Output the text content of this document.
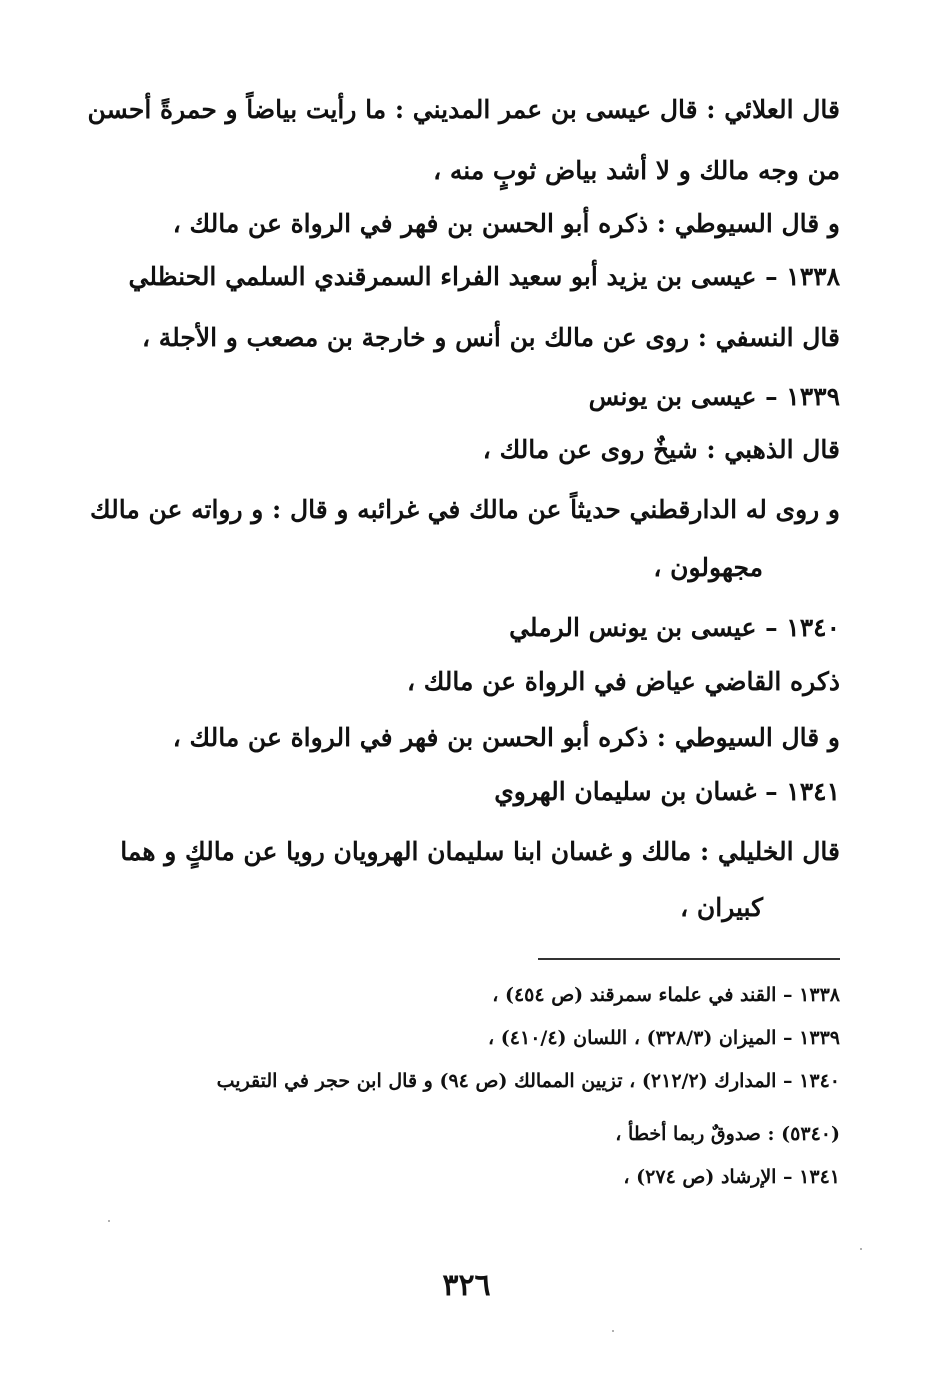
قال العلائي : قال عيسى بن عمر المديني : ما رأيت بياضاً و حمرةً أحسن
من وجه مالك و لا أشد بياض ثوبٍ منه ،
و قال السيوطي : ذكره أبو الحسن بن فهر في الرواة عن مالك ،
١٣٣٨ – عيسى بن يزيد أبو سعيد الفراء السمرقندي السلمي الحنظلي
قال النسفي : روى عن مالك بن أنس و خارجة بن مصعب و الأجلة ،
١٣٣٩ – عيسى بن يونس
قال الذهبي : شيخٌ روى عن مالك ،
و روى له الدارقطني حديثاً عن مالك في غرائبه و قال : و رواته عن مالك
مجهولون ،
١٣٤٠ – عيسى بن يونس الرملي
ذكره القاضي عياض في الرواة عن مالك ،
و قال السيوطي : ذكره أبو الحسن بن فهر في الرواة عن مالك ،
١٣٤١ – غسان بن سليمان الهروي
قال الخليلي : مالك و غسان ابنا سليمان الهرويان رويا عن مالكٍ و هما
كبيران ،
١٣٣٨ – القند في علماء سمرقند (ص ٤٥٤) ،
١٣٣٩ – الميزان (٣٢٨/٣) ، اللسان (٤١٠/٤) ،
١٣٤٠ – المدارك (٢١٢/٢) ، تزيين الممالك (ص ٩٤) و قال ابن حجر في التقريب
(٥٣٤٠) : صدوقٌ ربما أخطأ ،
١٣٤١ – الإرشاد (ص ٢٧٤) ،
٣٢٦
